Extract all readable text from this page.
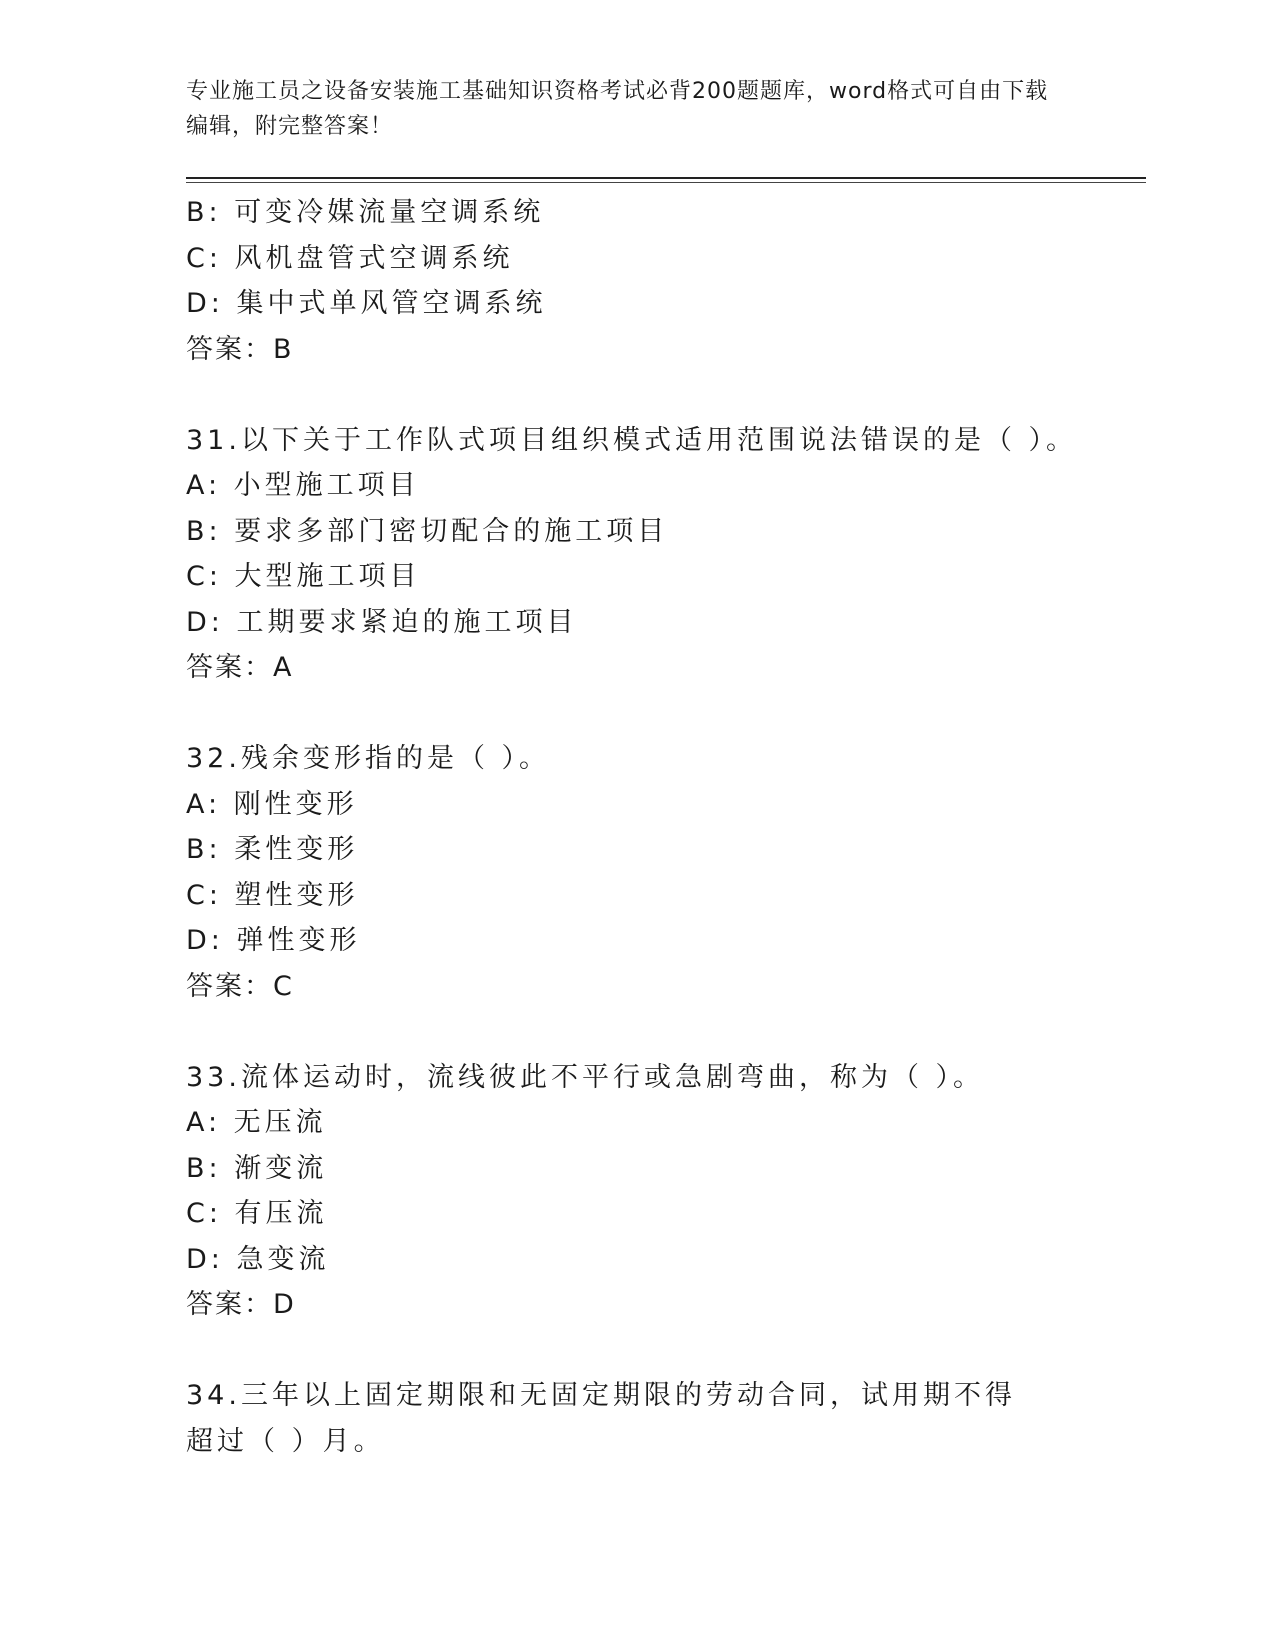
专业施工员之设备安装施工基础知识资格考试必背200题题库，word格式可自由下载编辑，附完整答案！
B: 可变冷媒流量空调系统
C: 风机盘管式空调系统
D: 集中式单风管空调系统
答案：B
31.以下关于工作队式项目组织模式适用范围说法错误的是（ ）。
A: 小型施工项目
B: 要求多部门密切配合的施工项目
C: 大型施工项目
D: 工期要求紧迫的施工项目
答案：A
32.残余变形指的是（ ）。
A: 刚性变形
B: 柔性变形
C: 塑性变形
D: 弹性变形
答案：C
33.流体运动时，流线彼此不平行或急剧弯曲，称为（ ）。
A: 无压流
B: 渐变流
C: 有压流
D: 急变流
答案：D
34.三年以上固定期限和无固定期限的劳动合同，试用期不得超过（ ）月。
